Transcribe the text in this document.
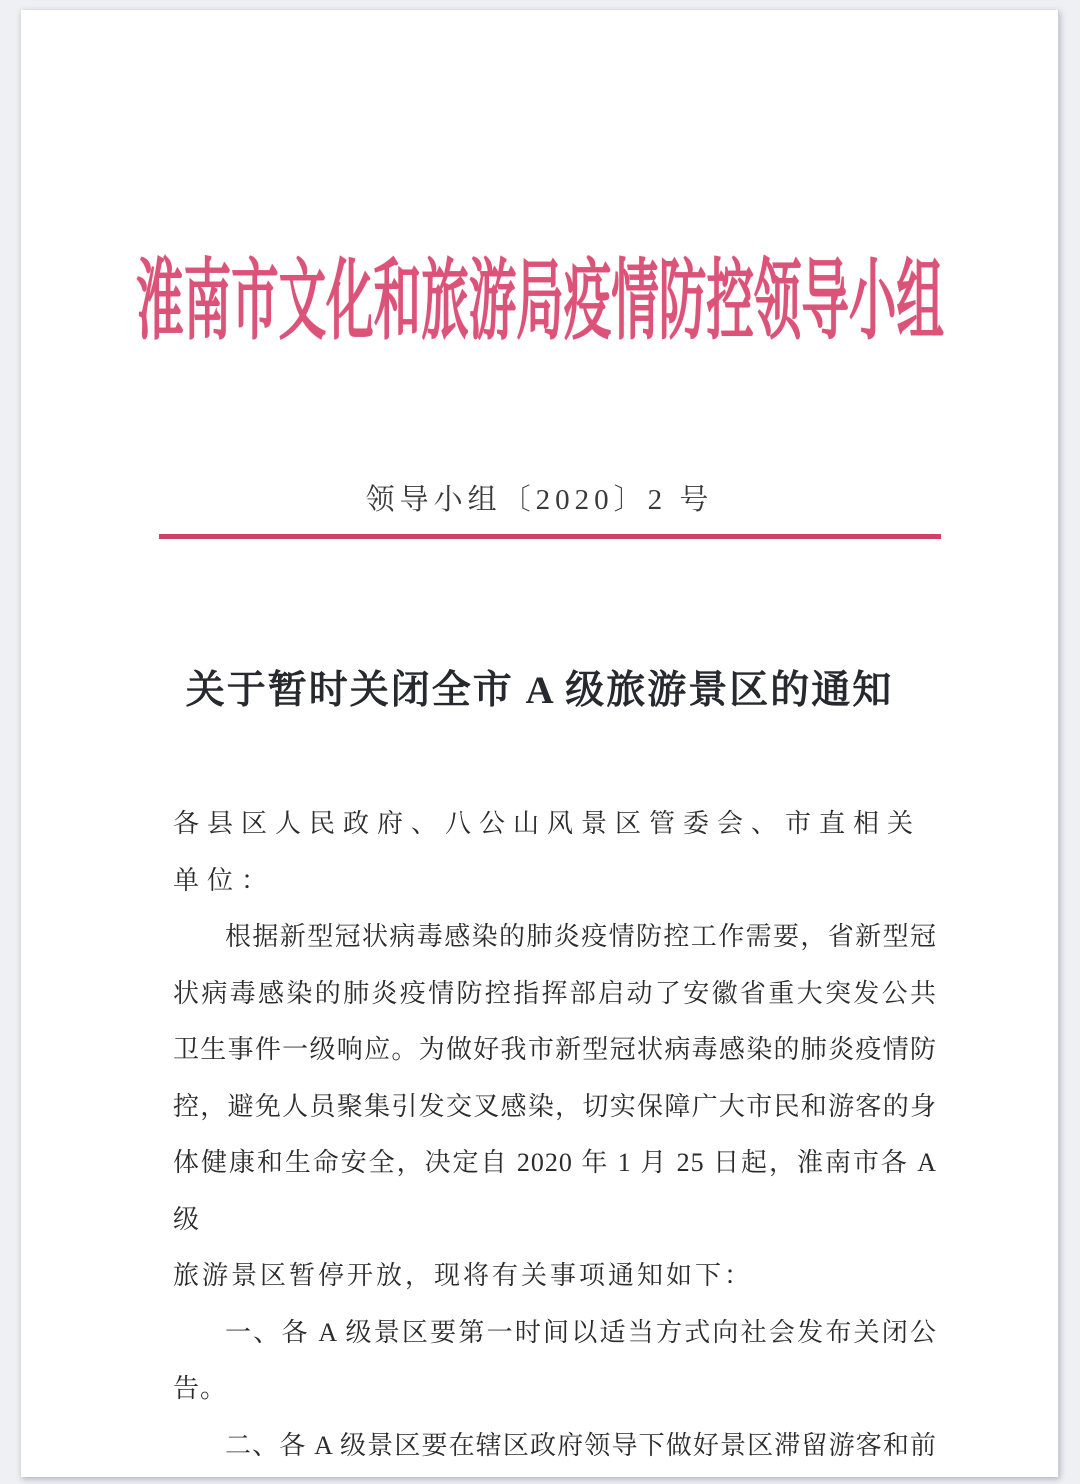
淮南市文化和旅游局疫情防控领导小组
领导小组〔2020〕2 号
关于暂时关闭全市 A 级旅游景区的通知
各县区人民政府、八公山风景区管委会、市直相关单位：
根据新型冠状病毒感染的肺炎疫情防控工作需要，省新型冠
状病毒感染的肺炎疫情防控指挥部启动了安徽省重大突发公共
卫生事件一级响应。为做好我市新型冠状病毒感染的肺炎疫情防
控，避免人员聚集引发交叉感染，切实保障广大市民和游客的身
体健康和生命安全，决定自 2020 年 1 月 25 日起，淮南市各 A 级
旅游景区暂停开放，现将有关事项通知如下：
一、各 A 级景区要第一时间以适当方式向社会发布关闭公
告。
二、各 A 级景区要在辖区政府领导下做好景区滞留游客和前
